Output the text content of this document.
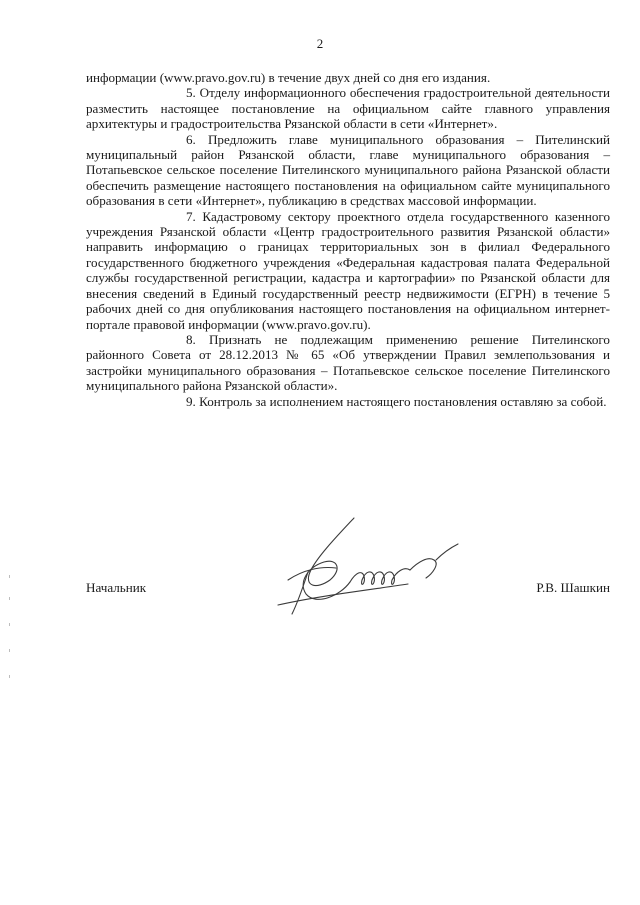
2

информации (www.pravo.gov.ru) в течение двух дней со дня его издания.

5. Отделу информационного обеспечения градостроительной деятельности разместить настоящее постановление на официальном сайте главного управления архитектуры и градостроительства Рязанской области в сети «Интернет».

6. Предложить главе муниципального образования – Пителинский муниципальный район Рязанской области, главе муниципального образования – Потапьевское сельское поселение Пителинского муниципального района Рязанской области обеспечить размещение настоящего постановления на официальном сайте муниципального образования в сети «Интернет», публикацию в средствах массовой информации.

7. Кадастровому сектору проектного отдела государственного казенного учреждения Рязанской области «Центр градостроительного развития Рязанской области» направить информацию о границах территориальных зон в филиал Федерального государственного бюджетного учреждения «Федеральная кадастровая палата Федеральной службы государственной регистрации, кадастра и картографии» по Рязанской области для внесения сведений в Единый государственный реестр недвижимости (ЕГРН) в течение 5 рабочих дней со дня опубликования настоящего постановления на официальном интернет-портале правовой информации (www.pravo.gov.ru).

8. Признать не подлежащим применению решение Пителинского районного Совета от 28.12.2013 № 65 «Об утверждении Правил землепользования и застройки муниципального образования – Потапьевское сельское поселение Пителинского муниципального района Рязанской области».

9. Контроль за исполнением настоящего постановления оставляю за собой.

Начальник	Р.В. Шашкин
